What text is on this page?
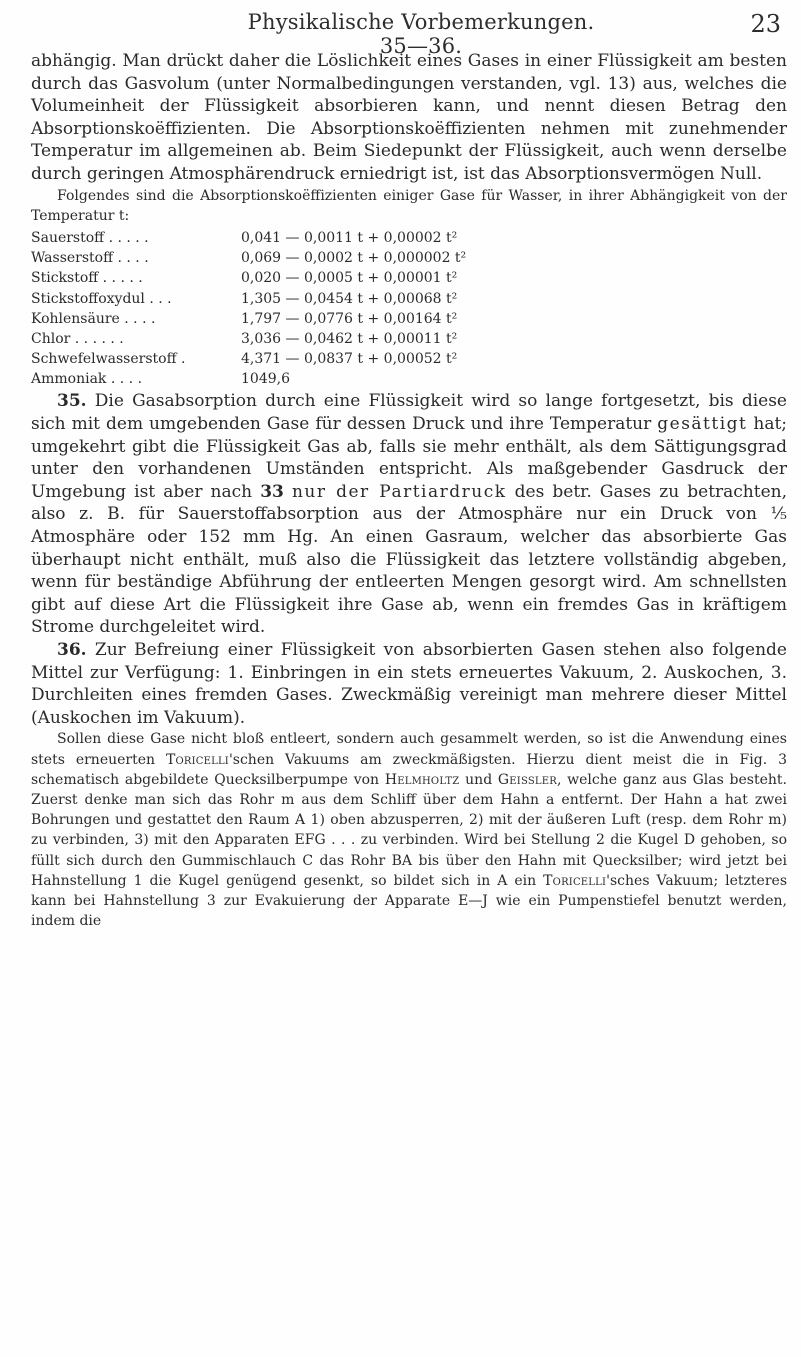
Physikalische Vorbemerkungen. 35—36.
23

abhängig. Man drückt daher die Löslichkeit eines Gases in einer Flüssigkeit am besten durch das Gasvolum (unter Normalbedingungen verstanden, vgl. 13) aus, welches die Volumeinheit der Flüssigkeit absorbieren kann, und nennt diesen Betrag den Absorptionskoëffizienten. Die Absorptionskoëffizienten nehmen mit zunehmender Temperatur im allgemeinen ab. Beim Siedepunkt der Flüssigkeit, auch wenn derselbe durch geringen Atmosphärendruck erniedrigt ist, ist das Absorptionsvermögen Null.

Folgendes sind die Absorptionskoëffizienten einiger Gase für Wasser, in ihrer Abhängigkeit von der Temperatur t:

Sauerstoff . . . . .	0,041 — 0,0011 t + 0,00002 t²
Wasserstoff . . . .	0,069 — 0,0002 t + 0,000002 t²
Stickstoff . . . . .	0,020 — 0,0005 t + 0,00001 t²
Stickstoffoxydul . . .	1,305 — 0,0454 t + 0,00068 t²
Kohlensäure . . . .	1,797 — 0,0776 t + 0,00164 t²
Chlor . . . . . .	3,036 — 0,0462 t + 0,00011 t²
Schwefelwasserstoff .	4,371 — 0,0837 t + 0,00052 t²
Ammoniak . . . .	1049,6

35. Die Gasabsorption durch eine Flüssigkeit wird so lange fortgesetzt, bis diese sich mit dem umgebenden Gase für dessen Druck und ihre Temperatur gesättigt hat; umgekehrt gibt die Flüssigkeit Gas ab, falls sie mehr enthält, als dem Sättigungsgrad unter den vorhandenen Umständen entspricht. Als maßgebender Gasdruck der Umgebung ist aber nach 33 nur der Partiardruck des betr. Gases zu betrachten, also z. B. für Sauerstoffabsorption aus der Atmosphäre nur ein Druck von ⅕ Atmosphäre oder 152 mm Hg. An einen Gasraum, welcher das absorbierte Gas überhaupt nicht enthält, muß also die Flüssigkeit das letztere vollständig abgeben, wenn für beständige Abführung der entleerten Mengen gesorgt wird. Am schnellsten gibt auf diese Art die Flüssigkeit ihre Gase ab, wenn ein fremdes Gas in kräftigem Strome durchgeleitet wird.

36. Zur Befreiung einer Flüssigkeit von absorbierten Gasen stehen also folgende Mittel zur Verfügung: 1. Einbringen in ein stets erneuertes Vakuum, 2. Auskochen, 3. Durchleiten eines fremden Gases. Zweckmäßig vereinigt man mehrere dieser Mittel (Auskochen im Vakuum).

Sollen diese Gase nicht bloß entleert, sondern auch gesammelt werden, so ist die Anwendung eines stets erneuerten Toricelli'schen Vakuums am zweckmäßigsten. Hierzu dient meist die in Fig. 3 schematisch abgebildete Quecksilberpumpe von Helmholtz und Geissler, welche ganz aus Glas besteht. Zuerst denke man sich das Rohr m aus dem Schliff über dem Hahn a entfernt. Der Hahn a hat zwei Bohrungen und gestattet den Raum A 1) oben abzusperren, 2) mit der äußeren Luft (resp. dem Rohr m) zu verbinden, 3) mit den Apparaten EFG . . . zu verbinden. Wird bei Stellung 2 die Kugel D gehoben, so füllt sich durch den Gummischlauch C das Rohr BA bis über den Hahn mit Quecksilber; wird jetzt bei Hahnstellung 1 die Kugel genügend gesenkt, so bildet sich in A ein Toricelli'sches Vakuum; letzteres kann bei Hahnstellung 3 zur Evakuierung der Apparate E—J wie ein Pumpenstiefel benutzt werden, indem die
